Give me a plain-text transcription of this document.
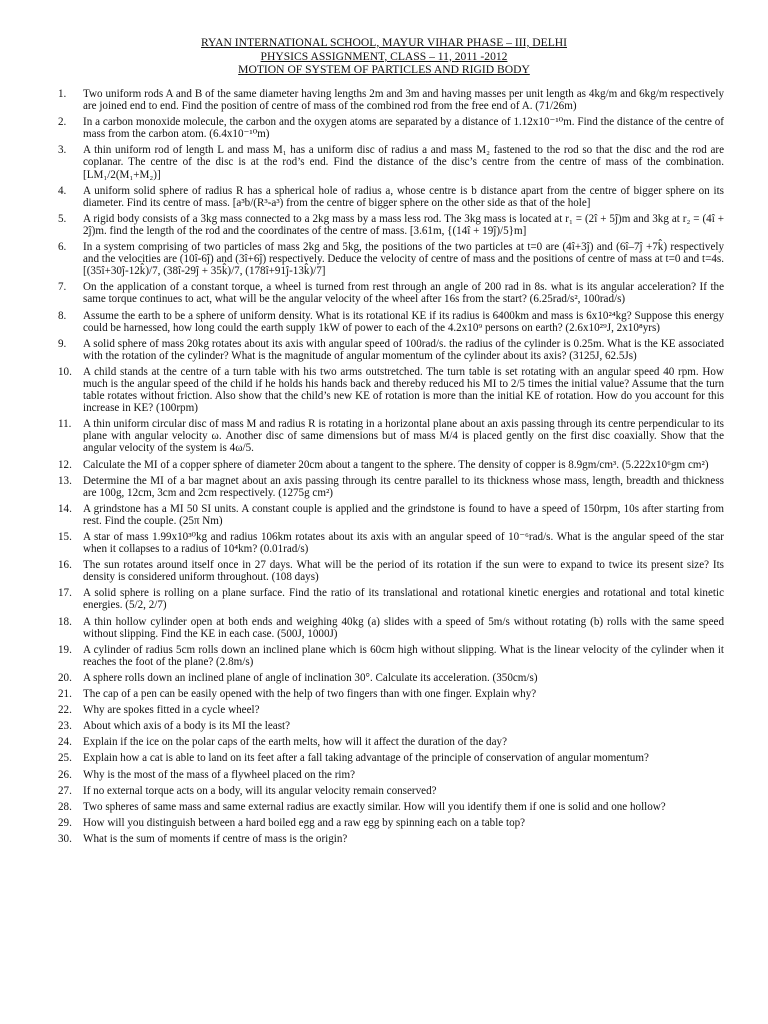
RYAN INTERNATIONAL SCHOOL, MAYUR VIHAR PHASE – III, DELHI
PHYSICS ASSIGNMENT, CLASS – 11, 2011 -2012
MOTION OF SYSTEM OF PARTICLES AND RIGID BODY
1. Two uniform rods A and B of the same diameter having lengths 2m and 3m and having masses per unit length as 4kg/m and 6kg/m respectively are joined end to end. Find the position of centre of mass of the combined rod from the free end of A. (71/26m)
2. In a carbon monoxide molecule, the carbon and the oxygen atoms are separated by a distance of 1.12x10⁻¹⁰m. Find the distance of the centre of mass from the carbon atom. (6.4x10⁻¹⁰m)
3. A thin uniform rod of length L and mass M₁ has a uniform disc of radius a and mass M₂ fastened to the rod so that the disc and the rod are coplanar. The centre of the disc is at the rod’s end. Find the distance of the disc’s centre from the centre of mass of the combination. [LM₁/2(M₁+M₂)]
4. A uniform solid sphere of radius R has a spherical hole of radius a, whose centre is b distance apart from the centre of bigger sphere on its diameter. Find its centre of mass. [a³b/(R³-a³) from the centre of bigger sphere on the other side as that of the hole]
5. A rigid body consists of a 3kg mass connected to a 2kg mass by a mass less rod. The 3kg mass is located at r₁ = (2î + 5ĵ)m and 3kg at r₂ = (4î + 2ĵ)m. find the length of the rod and the coordinates of the centre of mass. [3.61m, {(14î + 19ĵ)/5}m]
6. In a system comprising of two particles of mass 2kg and 5kg, the positions of the two particles at t=0 are (4î+3ĵ) and (6î–7ĵ +7k̂) respectively and the velocities are (10î-6ĵ) and (3î+6ĵ) respectively. Deduce the velocity of centre of mass and the positions of centre of mass at t=0 and t=4s. [(35î+30ĵ-12k̂)/7, (38î-29ĵ + 35k̂)/7, (178î+91ĵ-13k̂)/7]
7. On the application of a constant torque, a wheel is turned from rest through an angle of 200 rad in 8s. what is its angular acceleration? If the same torque continues to act, what will be the angular velocity of the wheel after 16s from the start? (6.25rad/s², 100rad/s)
8. Assume the earth to be a sphere of uniform density. What is its rotational KE if its radius is 6400km and mass is 6x10²⁴kg? Suppose this energy could be harnessed, how long could the earth supply 1kW of power to each of the 4.2x10⁹ persons on earth? (2.6x10²⁹J, 2x10⁸yrs)
9. A solid sphere of mass 20kg rotates about its axis with angular speed of 100rad/s. the radius of the cylinder is 0.25m. What is the KE associated with the rotation of the cylinder? What is the magnitude of angular momentum of the cylinder about its axis? (3125J, 62.5Js)
10. A child stands at the centre of a turn table with his two arms outstretched. The turn table is set rotating with an angular speed 40 rpm. How much is the angular speed of the child if he holds his hands back and thereby reduced his MI to 2/5 times the initial value? Assume that the turn table rotates without friction. Also show that the child’s new KE of rotation is more than the initial KE of rotation. How do you account for this increase in KE? (100rpm)
11. A thin uniform circular disc of mass M and radius R is rotating in a horizontal plane about an axis passing through its centre perpendicular to its plane with angular velocity ω. Another disc of same dimensions but of mass M/4 is placed gently on the first disc coaxially. Show that the angular velocity of the system is 4ω/5.
12. Calculate the MI of a copper sphere of diameter 20cm about a tangent to the sphere. The density of copper is 8.9gm/cm³. (5.222x10⁶gm cm²)
13. Determine the MI of a bar magnet about an axis passing through its centre parallel to its thickness whose mass, length, breadth and thickness are 100g, 12cm, 3cm and 2cm respectively. (1275g cm²)
14. A grindstone has a MI 50 SI units. A constant couple is applied and the grindstone is found to have a speed of 150rpm, 10s after starting from rest. Find the couple. (25π Nm)
15. A star of mass 1.99x10³⁰kg and radius 106km rotates about its axis with an angular speed of 10⁻⁶rad/s. What is the angular speed of the star when it collapses to a radius of 10⁴km? (0.01rad/s)
16. The sun rotates around itself once in 27 days. What will be the period of its rotation if the sun were to expand to twice its present size? Its density is considered uniform throughout. (108 days)
17. A solid sphere is rolling on a plane surface. Find the ratio of its translational and rotational kinetic energies and rotational and total kinetic energies. (5/2, 2/7)
18. A thin hollow cylinder open at both ends and weighing 40kg (a) slides with a speed of 5m/s without rotating (b) rolls with the same speed without slipping. Find the KE in each case. (500J, 1000J)
19. A cylinder of radius 5cm rolls down an inclined plane which is 60cm high without slipping. What is the linear velocity of the cylinder when it reaches the foot of the plane? (2.8m/s)
20. A sphere rolls down an inclined plane of angle of inclination 30°. Calculate its acceleration. (350cm/s)
21. The cap of a pen can be easily opened with the help of two fingers than with one finger. Explain why?
22. Why are spokes fitted in a cycle wheel?
23. About which axis of a body is its MI the least?
24. Explain if the ice on the polar caps of the earth melts, how will it affect the duration of the day?
25. Explain how a cat is able to land on its feet after a fall taking advantage of the principle of conservation of angular momentum?
26. Why is the most of the mass of a flywheel placed on the rim?
27. If no external torque acts on a body, will its angular velocity remain conserved?
28. Two spheres of same mass and same external radius are exactly similar. How will you identify them if one is solid and one hollow?
29. How will you distinguish between a hard boiled egg and a raw egg by spinning each on a table top?
30. What is the sum of moments if centre of mass is the origin?
